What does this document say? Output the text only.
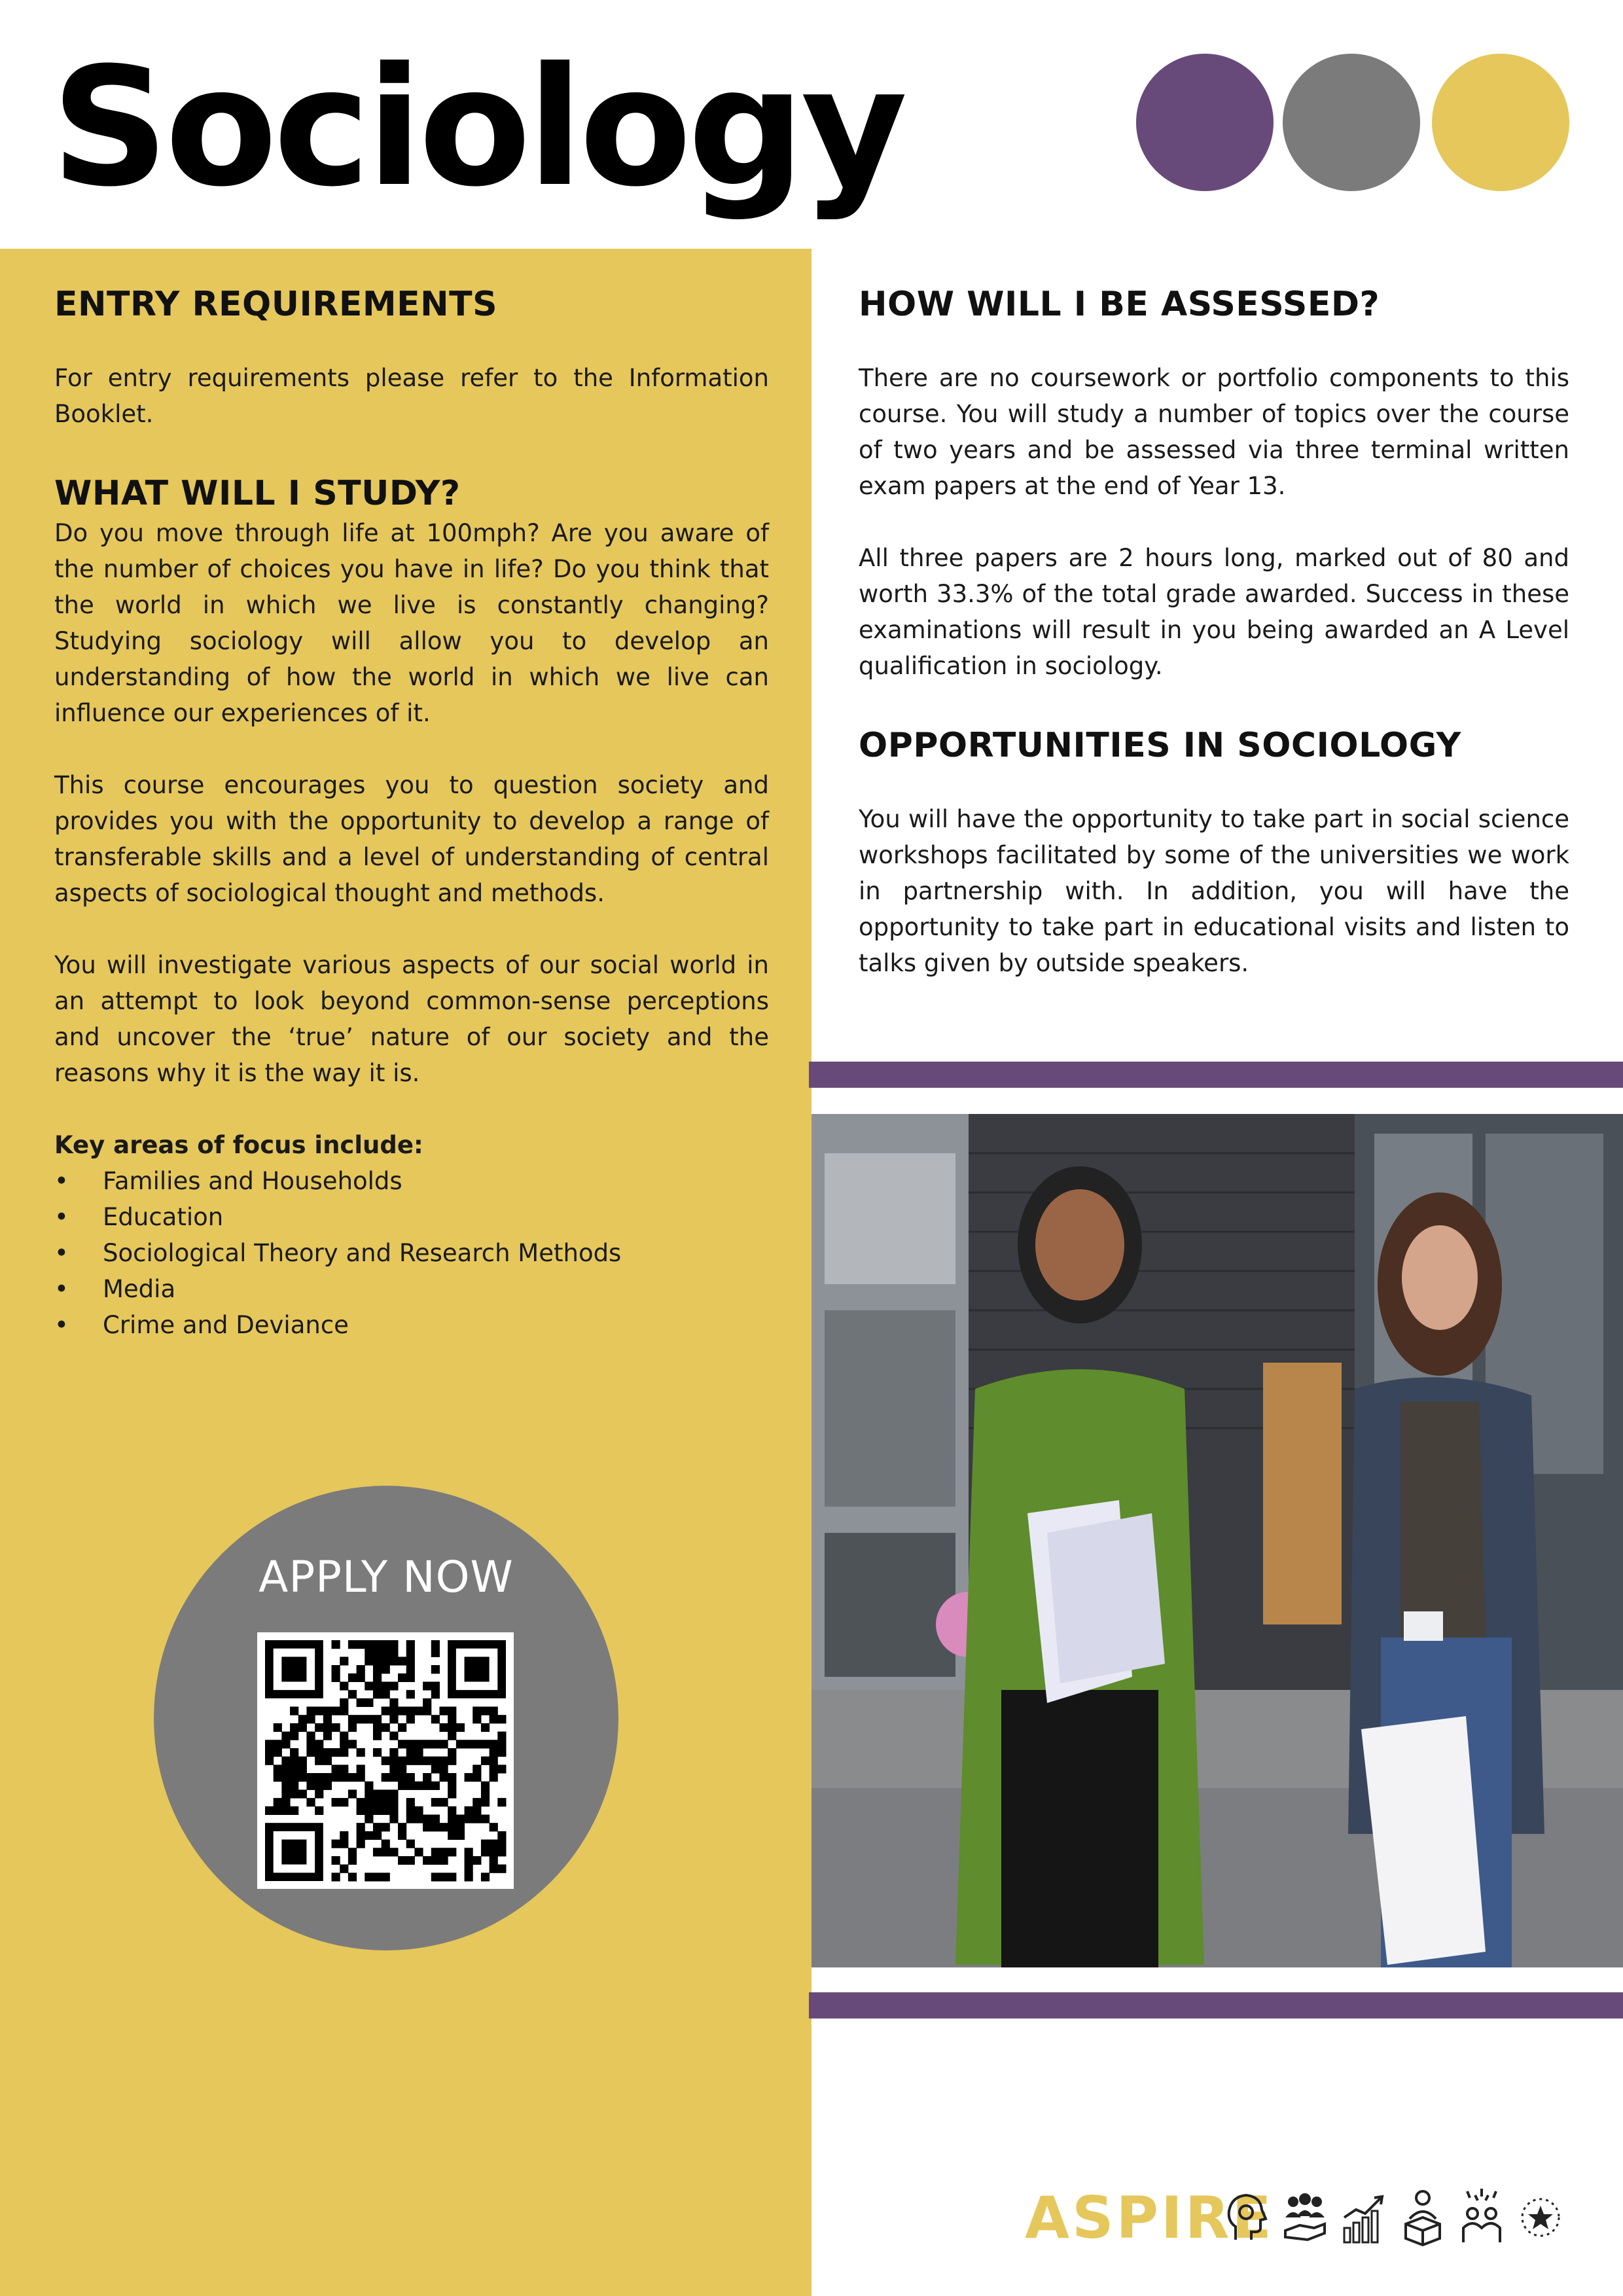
Sociology
ENTRY REQUIREMENTS

For entry requirements please refer to the Information Booklet.

WHAT WILL I STUDY?

Do you move through life at 100mph? Are you aware of the number of choices you have in life? Do you think that the world in which we live is constantly changing? Studying sociology will allow you to develop an understanding of how the world in which we live can influence our experiences of it.

This course encourages you to question society and provides you with the opportunity to develop a range of transferable skills and a level of understanding of central aspects of sociological thought and methods.

You will investigate various aspects of our social world in an attempt to look beyond common-sense perceptions and uncover the ‘true’ nature of our society and the reasons why it is the way it is.

Key areas of focus include:

• Families and Households
• Education
• Sociological Theory and Research Methods
• Media
• Crime and Deviance
APPLY NOW
HOW WILL I BE ASSESSED?

There are no coursework or portfolio components to this course. You will study a number of topics over the course of two years and be assessed via three terminal written exam papers at the end of Year 13.

All three papers are 2 hours long, marked out of 80 and worth 33.3% of the total grade awarded. Success in these examinations will result in you being awarded an A Level qualification in sociology.

OPPORTUNITIES IN SOCIOLOGY

You will have the opportunity to take part in social science workshops facilitated by some of the universities we work in partnership with. In addition, you will have the opportunity to take part in educational visits and listen to talks given by outside speakers.

ASPIRE
